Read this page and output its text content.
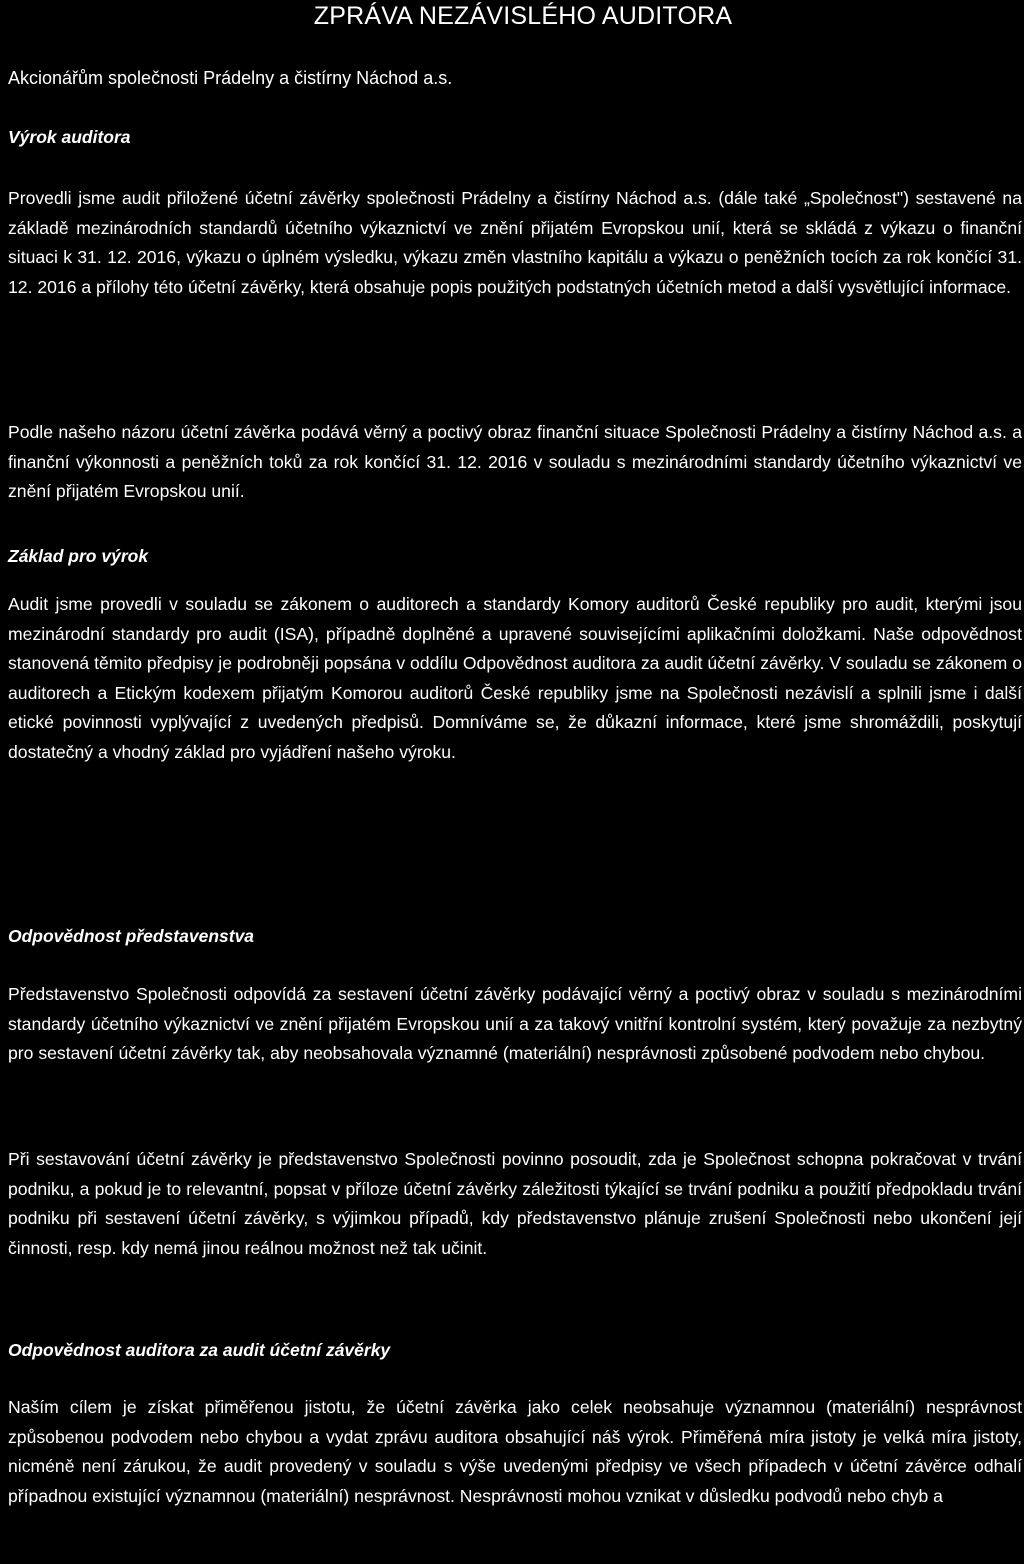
ZPRÁVA NEZÁVISLÉHO AUDITORA

Akcionářům společnosti Prádelny a čistírny Náchod a.s.

Výrok auditora

Provedli jsme audit přiložené účetní závěrky společnosti Prádelny a čistírny Náchod a.s. (dále také „Společnost") sestavené na základě mezinárodních standardů účetního výkaznictví ve znění přijatém Evropskou unií, která se skládá z výkazu o finanční situaci k 31. 12. 2016, výkazu o úplném výsledku, výkazu změn vlastního kapitálu a výkazu o peněžních tocích za rok končící 31. 12. 2016 a přílohy této účetní závěrky, která obsahuje popis použitých podstatných účetních metod a další vysvětlující informace.

Podle našeho názoru účetní závěrka podává věrný a poctivý obraz finanční situace Společnosti Prádelny a čistírny Náchod a.s. a finanční výkonnosti a peněžních toků za rok končící 31. 12. 2016 v souladu s mezinárodními standardy účetního výkaznictví ve znění přijatém Evropskou unií.

Základ pro výrok

Audit jsme provedli v souladu se zákonem o auditorech a standardy Komory auditorů České republiky pro audit, kterými jsou mezinárodní standardy pro audit (ISA), případně doplněné a upravené souvisejícími aplikačními doložkami. Naše odpovědnost stanovená těmito předpisy je podrobněji popsána v oddílu Odpovědnost auditora za audit účetní závěrky. V souladu se zákonem o auditorech a Etickým kodexem přijatým Komorou auditorů České republiky jsme na Společnosti nezávislí a splnili jsme i další etické povinnosti vyplývající z uvedených předpisů. Domníváme se, že důkazní informace, které jsme shromáždili, poskytují dostatečný a vhodný základ pro vyjádření našeho výroku.

Odpovědnost představenstva

Představenstvo Společnosti odpovídá za sestavení účetní závěrky podávající věrný a poctivý obraz v souladu s mezinárodními standardy účetního výkaznictví ve znění přijatém Evropskou unií a za takový vnitřní kontrolní systém, který považuje za nezbytný pro sestavení účetní závěrky tak, aby neobsahovala významné (materiální) nesprávnosti způsobené podvodem nebo chybou.

Při sestavování účetní závěrky je představenstvo Společnosti povinno posoudit, zda je Společnost schopna pokračovat v trvání podniku, a pokud je to relevantní, popsat v příloze účetní závěrky záležitosti týkající se trvání podniku a použití předpokladu trvání podniku při sestavení účetní závěrky, s výjimkou případů, kdy představenstvo plánuje zrušení Společnosti nebo ukončení její činnosti, resp. kdy nemá jinou reálnou možnost než tak učinit.

Odpovědnost auditora za audit účetní závěrky

Naším cílem je získat přiměřenou jistotu, že účetní závěrka jako celek neobsahuje významnou (materiální) nesprávnost způsobenou podvodem nebo chybou a vydat zprávu auditora obsahující náš výrok. Přiměřená míra jistoty je velká míra jistoty, nicméně není zárukou, že audit provedený v souladu s výše uvedenými předpisy ve všech případech v účetní závěrce odhalí případnou existující významnou (materiální) nesprávnost. Nesprávnosti mohou vznikat v důsledku podvodů nebo chyb a
